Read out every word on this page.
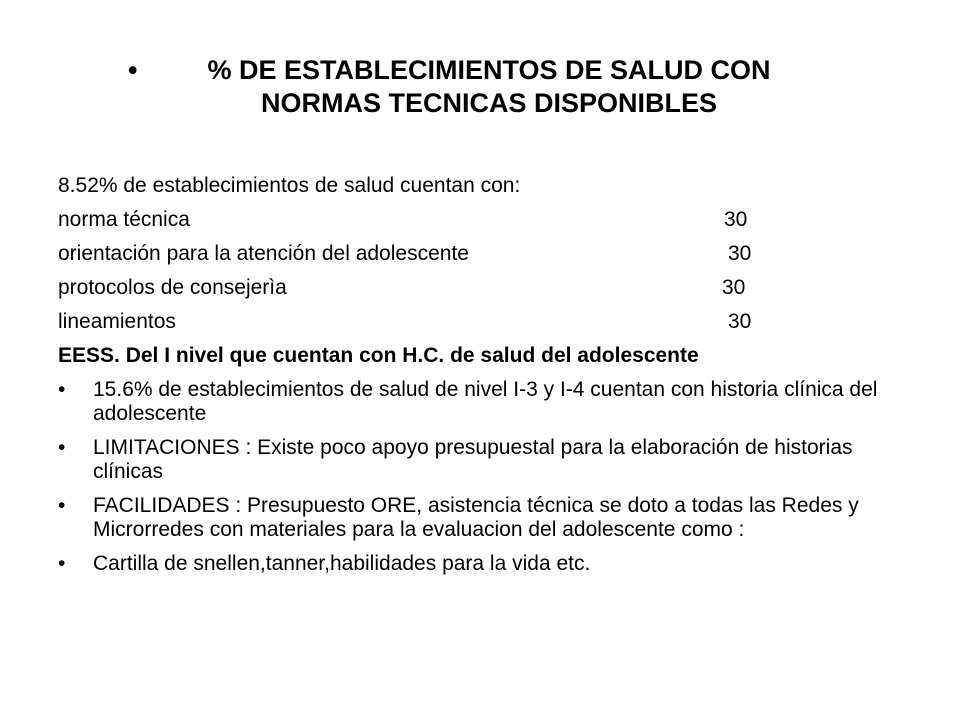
•	% DE ESTABLECIMIENTOS DE SALUD CON NORMAS TECNICAS DISPONIBLES
8.52% de establecimientos de salud cuentan con:
norma técnica	30
orientación para la atención del adolescente	30
protocolos de consejerìa	30
lineamientos	30
EESS. Del I nivel que cuentan con H.C. de salud del adolescente
• 15.6% de establecimientos de salud de nivel I-3 y I-4 cuentan con historia clínica del adolescente
• LIMITACIONES : Existe poco apoyo presupuestal para la elaboración de historias clínicas
• FACILIDADES : Presupuesto ORE, asistencia técnica se doto a todas las Redes y Microrredes con materiales para la evaluacion del adolescente como :
• Cartilla de snellen,tanner,habilidades para la vida etc.
